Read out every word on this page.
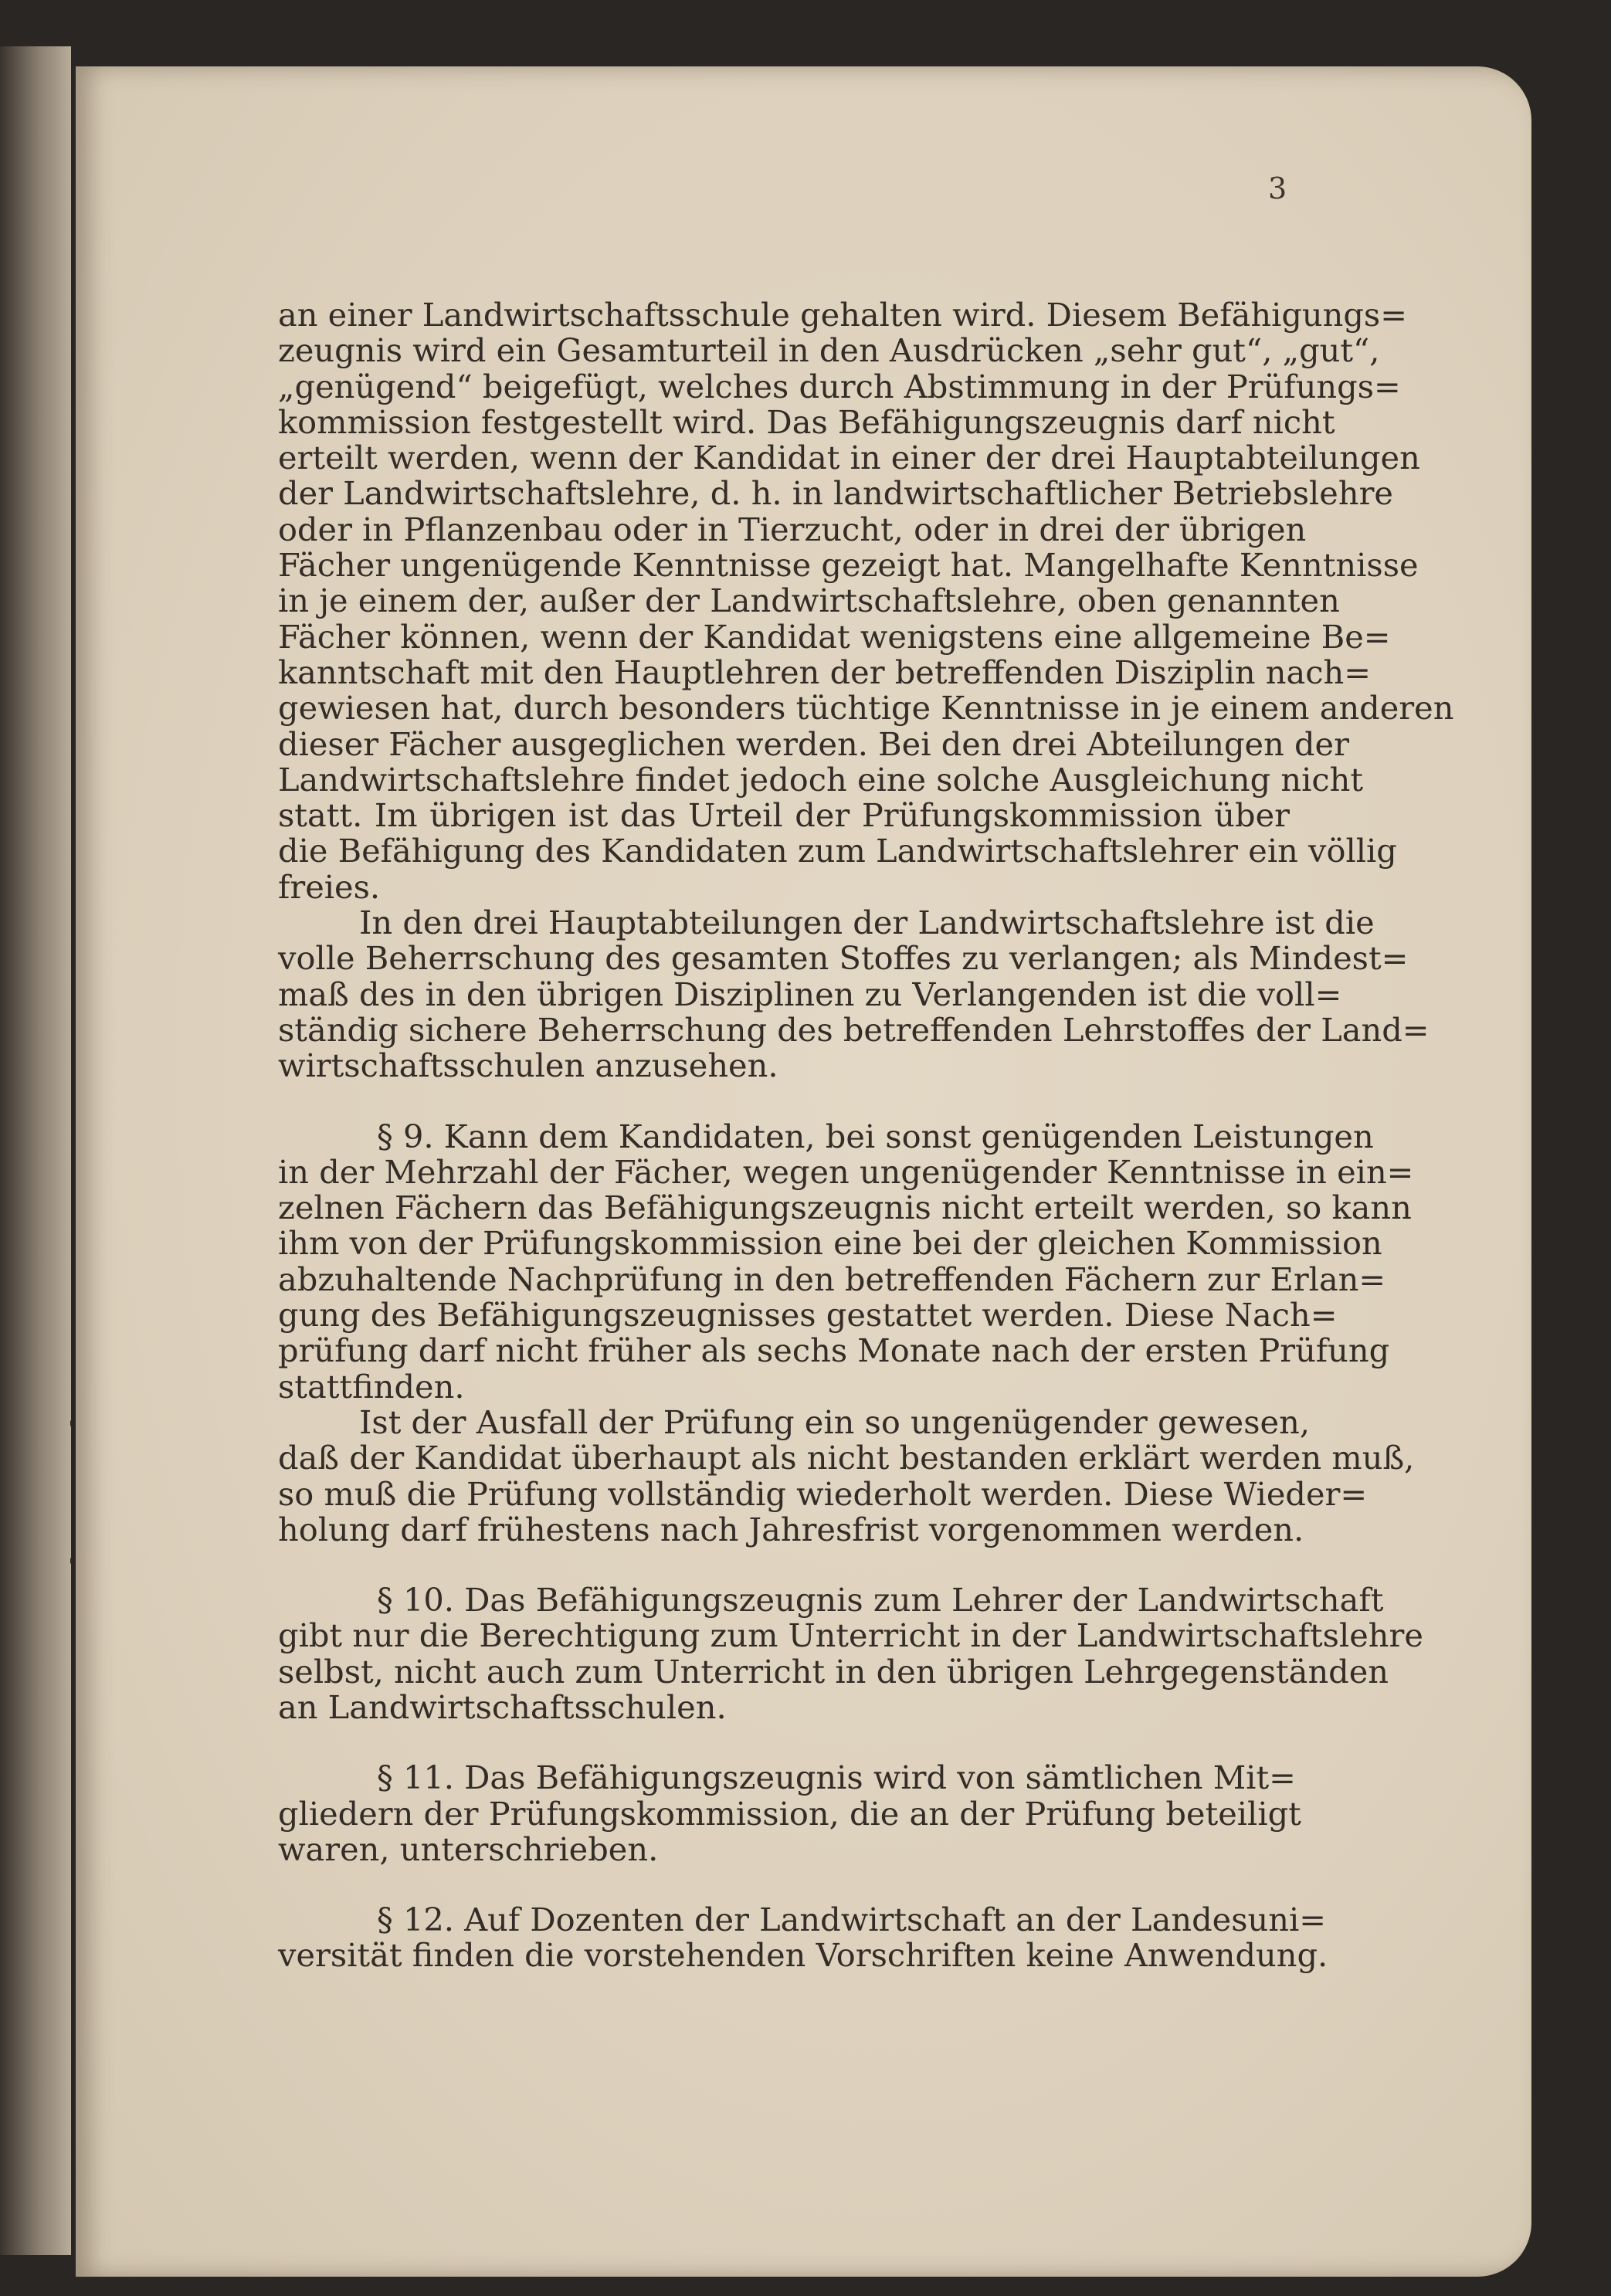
3
an einer Landwirtschaftsschule gehalten wird. Diesem Befähigungs=
zeugnis wird ein Gesamturteil in den Ausdrücken „sehr gut“, „gut“,
„genügend“ beigefügt, welches durch Abstimmung in der Prüfungs=
kommission festgestellt wird. Das Befähigungszeugnis darf nicht
erteilt werden, wenn der Kandidat in einer der drei Hauptabteilungen
der Landwirtschaftslehre, d. h. in landwirtschaftlicher Betriebslehre
oder in Pflanzenbau oder in Tierzucht, oder in drei der übrigen
Fächer ungenügende Kenntnisse gezeigt hat. Mangelhafte Kenntnisse
in je einem der, außer der Landwirtschaftslehre, oben genannten
Fächer können, wenn der Kandidat wenigstens eine allgemeine Be=
kanntschaft mit den Hauptlehren der betreffenden Disziplin nach=
gewiesen hat, durch besonders tüchtige Kenntnisse in je einem anderen
dieser Fächer ausgeglichen werden. Bei den drei Abteilungen der
Landwirtschaftslehre findet jedoch eine solche Ausgleichung nicht
statt. Im übrigen ist das Urteil der Prüfungskommission über
die Befähigung des Kandidaten zum Landwirtschaftslehrer ein völlig
freies.
In den drei Hauptabteilungen der Landwirtschaftslehre ist die
volle Beherrschung des gesamten Stoffes zu verlangen; als Mindest=
maß des in den übrigen Disziplinen zu Verlangenden ist die voll=
ständig sichere Beherrschung des betreffenden Lehrstoffes der Land=
wirtschaftsschulen anzusehen.
§ 9. Kann dem Kandidaten, bei sonst genügenden Leistungen
in der Mehrzahl der Fächer, wegen ungenügender Kenntnisse in ein=
zelnen Fächern das Befähigungszeugnis nicht erteilt werden, so kann
ihm von der Prüfungskommission eine bei der gleichen Kommission
abzuhaltende Nachprüfung in den betreffenden Fächern zur Erlan=
gung des Befähigungszeugnisses gestattet werden. Diese Nach=
prüfung darf nicht früher als sechs Monate nach der ersten Prüfung
stattfinden.
Ist der Ausfall der Prüfung ein so ungenügender gewesen,
daß der Kandidat überhaupt als nicht bestanden erklärt werden muß,
so muß die Prüfung vollständig wiederholt werden. Diese Wieder=
holung darf frühestens nach Jahresfrist vorgenommen werden.
§ 10. Das Befähigungszeugnis zum Lehrer der Landwirtschaft
gibt nur die Berechtigung zum Unterricht in der Landwirtschaftslehre
selbst, nicht auch zum Unterricht in den übrigen Lehrgegenständen
an Landwirtschaftsschulen.
§ 11. Das Befähigungszeugnis wird von sämtlichen Mit=
gliedern der Prüfungskommission, die an der Prüfung beteiligt
waren, unterschrieben.
§ 12. Auf Dozenten der Landwirtschaft an der Landesuni=
versität finden die vorstehenden Vorschriften keine Anwendung.
